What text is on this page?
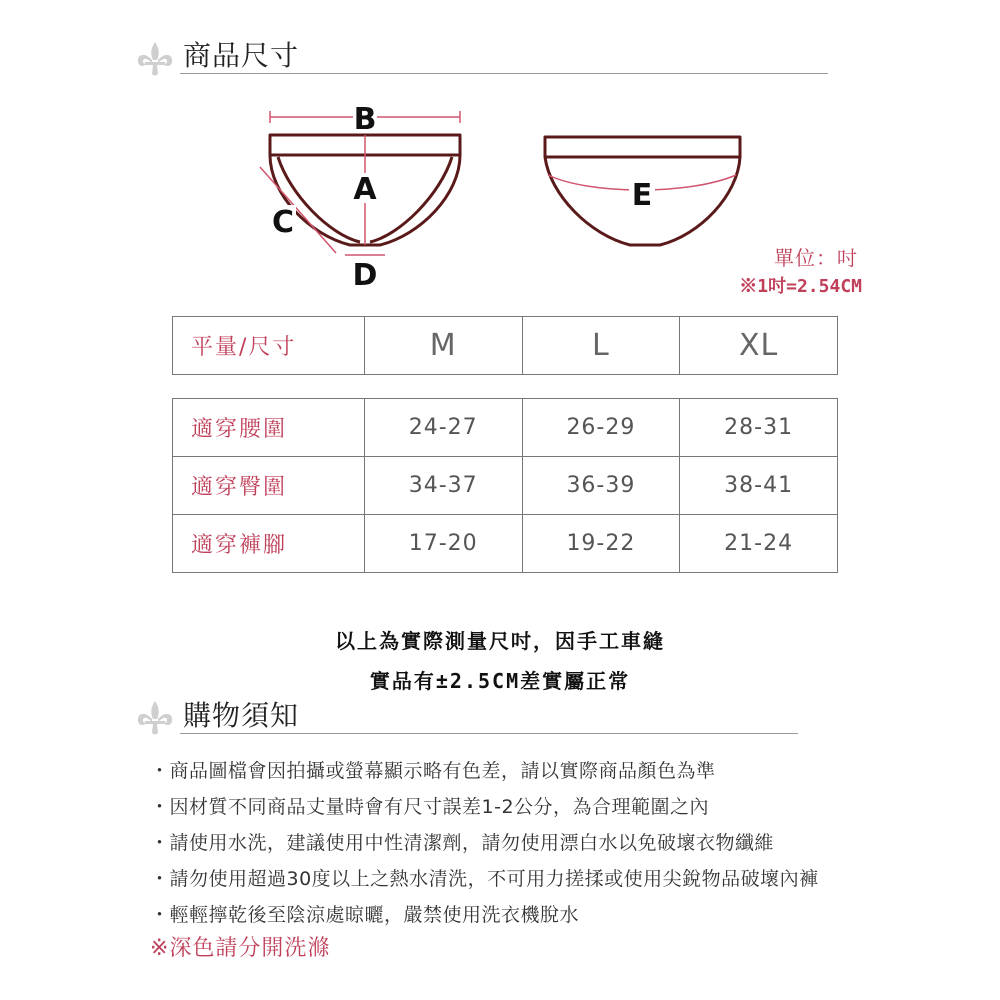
商品尺寸
B
A
C
D
E
單位：吋
※1吋=2.54CM
平量/尺寸	M	L	XL
適穿腰圍	24-27	26-29	28-31
適穿臀圍	34-37	36-39	38-41
適穿褲腳	17-20	19-22	21-24
以上為實際測量尺吋，因手工車縫
實品有±2.5CM差實屬正常
購物須知
・商品圖檔會因拍攝或螢幕顯示略有色差，請以實際商品顏色為準
・因材質不同商品丈量時會有尺寸誤差1-2公分，為合理範圍之內
・請使用水洗，建議使用中性清潔劑，請勿使用漂白水以免破壞衣物纖維
・請勿使用超過30度以上之熱水清洗，不可用力搓揉或使用尖銳物品破壞內褲
・輕輕擰乾後至陰涼處晾曬，嚴禁使用洗衣機脫水
※深色請分開洗滌
